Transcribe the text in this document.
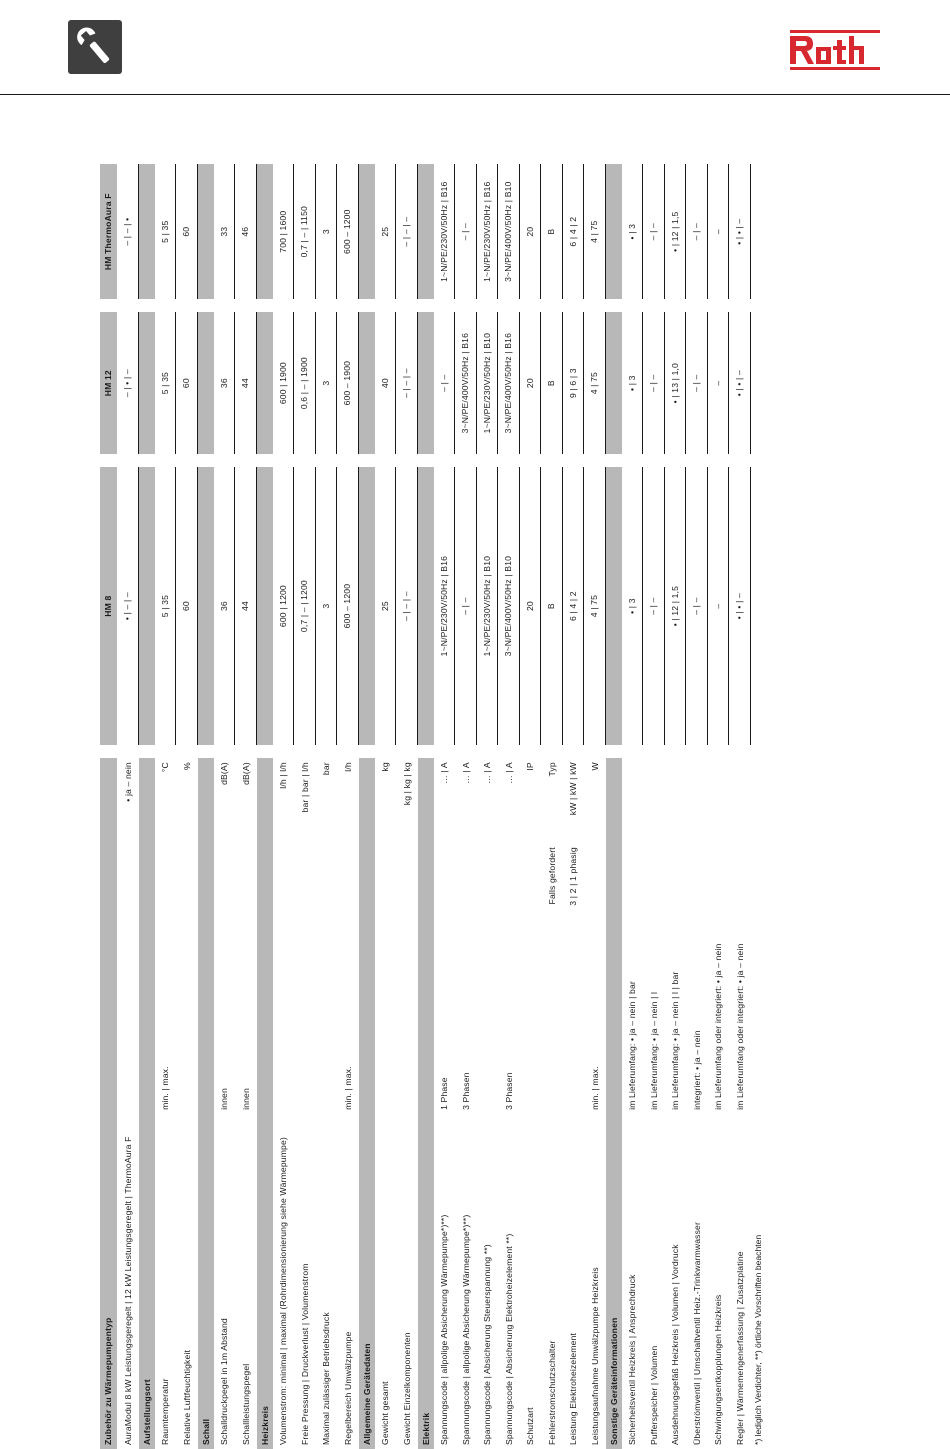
Zubehör zu Wärmepumpentyp				HM 8		HM 12		HM ThermoAura F
AuraModul 8 kW Leistungsgeregelt | 12 kW Leistungsgeregelt | ThermoAura F		• ja – nein		• | – | –		– | • | –		– | – | •
Aufstellungsort								
Raumtemperatur	min. | max.	°C		5 | 35		5 | 35		5 | 35
Relative Luftfeuchtigkeit		%		60		60		60
Schall								
Schalldruckpegel in 1m Abstand	innen	dB(A)		36		36		33
Schallleistungspegel	innen	dB(A)		44		44		46
Heizkreis								
Volumenstrom: minimal | maximal (Rohrdimensionierung siehe Wärmepumpe)		l/h | l/h		600 | 1200		600 | 1900		700 | 1600
Freie Pressung | Druckverlust | Volumenstrom		bar | bar | l/h		0,7 | – | 1200		0,6 | – | 1900		0,7 | – | 1150
Maximal zulässiger Betriebsdruck		bar		3		3		3
Regelbereich Umwälzpumpe	min. | max.	l/h		600 – 1200		600 – 1900		600 – 1200
Allgemeine Gerätedaten								
Gewicht gesamt		kg		25		40		25
Gewicht Einzelkomponenten		kg | kg | kg		– | – | –		– | – | –		– | – | –
Elektrik								
Spannungscode | allpolige Absicherung Wärmepumpe*)**)	1 Phase	… | A		1~N/PE/230V/50Hz | B16		– | –		1~N/PE/230V/50Hz | B16
Spannungscode | allpolige Absicherung Wärmepumpe*)**)	3 Phasen	… | A		– | –		3~N/PE/400V/50Hz | B16		– | –
Spannungscode | Absicherung Steuerspannung **)		… | A		1~N/PE/230V/50Hz | B10		1~N/PE/230V/50Hz | B10		1~N/PE/230V/50Hz | B16
Spannungscode | Absicherung Elektroheizelement **)	3 Phasen	… | A		3~N/PE/400V/50Hz | B10		3~N/PE/400V/50Hz | B16		3~N/PE/400V/50Hz | B10
Schutzart		IP		20		20		20
Fehlerstromschutzschalter	Falls gefordert	Typ		B		B		B
Leistung Elektroheizelement	3 | 2 | 1 phasig	kW | kW | kW		6 | 4 | 2		9 | 6 | 3		6 | 4 | 2
Leistungsaufnahme Umwälzpumpe Heizkreis	min. | max.	W		4 | 75		4 | 75		4 | 75
Sonstige Geräteinformationen								
Sicherheitsventil Heizkreis | Ansprechdruck	im Lieferumfang: • ja – nein | bar			• | 3		• | 3		• | 3
Pufferspeicher | Volumen	im Lieferumfang: • ja – nein | l			– | –		– | –		– | –
Ausdehnungsgefäß Heizkreis | Volumen | Vordruck	im Lieferumfang: • ja – nein | l | bar			• | 12 | 1,5		• | 13 | 1,0		• | 12 | 1,5
Überströmventil | Umschaltventil Heiz.-Trinkwarmwasser	integriert: • ja – nein			– | –		– | –		– | –
Schwingungsentkopplungen Heizkreis	im Lieferumfang oder integriert: • ja – nein			–		–		–
Regler | Wärmemengenerfassung | Zusatzplatine	im Lieferumfang oder integriert: • ja – nein			• | • | –		• | • | –		• | • | –
*) lediglich Verdichter, **) örtliche Vorschriften beachten
